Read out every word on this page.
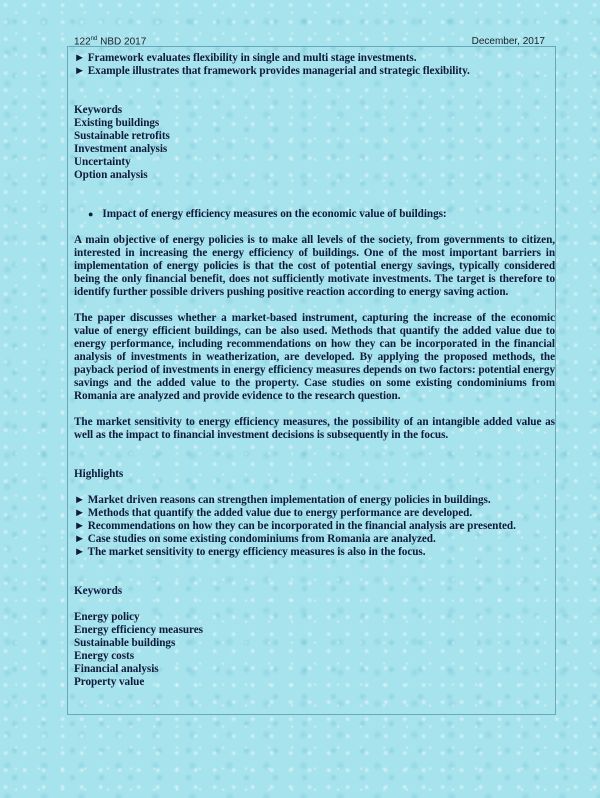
122nd NBD 2017	December, 2017

► Framework evaluates flexibility in single and multi stage investments.

► Example illustrates that framework provides managerial and strategic flexibility.

Keywords

Existing buildings

Sustainable retrofits

Investment analysis

Uncertainty

Option analysis

● Impact of energy efficiency measures on the economic value of buildings:

A main objective of energy policies is to make all levels of the society, from governments to citizen, interested in increasing the energy efficiency of buildings. One of the most important barriers in implementation of energy policies is that the cost of potential energy savings, typically considered being the only financial benefit, does not sufficiently motivate investments. The target is therefore to identify further possible drivers pushing positive reaction according to energy saving action.

The paper discusses whether a market-based instrument, capturing the increase of the economic value of energy efficient buildings, can be also used. Methods that quantify the added value due to energy performance, including recommendations on how they can be incorporated in the financial analysis of investments in weatherization, are developed. By applying the proposed methods, the payback period of investments in energy efficiency measures depends on two factors: potential energy savings and the added value to the property. Case studies on some existing condominiums from Romania are analyzed and provide evidence to the research question.

The market sensitivity to energy efficiency measures, the possibility of an intangible added value as well as the impact to financial investment decisions is subsequently in the focus.

Highlights

► Market driven reasons can strengthen implementation of energy policies in buildings.

► Methods that quantify the added value due to energy performance are developed.

► Recommendations on how they can be incorporated in the financial analysis are presented.

► Case studies on some existing condominiums from Romania are analyzed.

► The market sensitivity to energy efficiency measures is also in the focus.

Keywords

Energy policy

Energy efficiency measures

Sustainable buildings

Energy costs

Financial analysis

Property value
